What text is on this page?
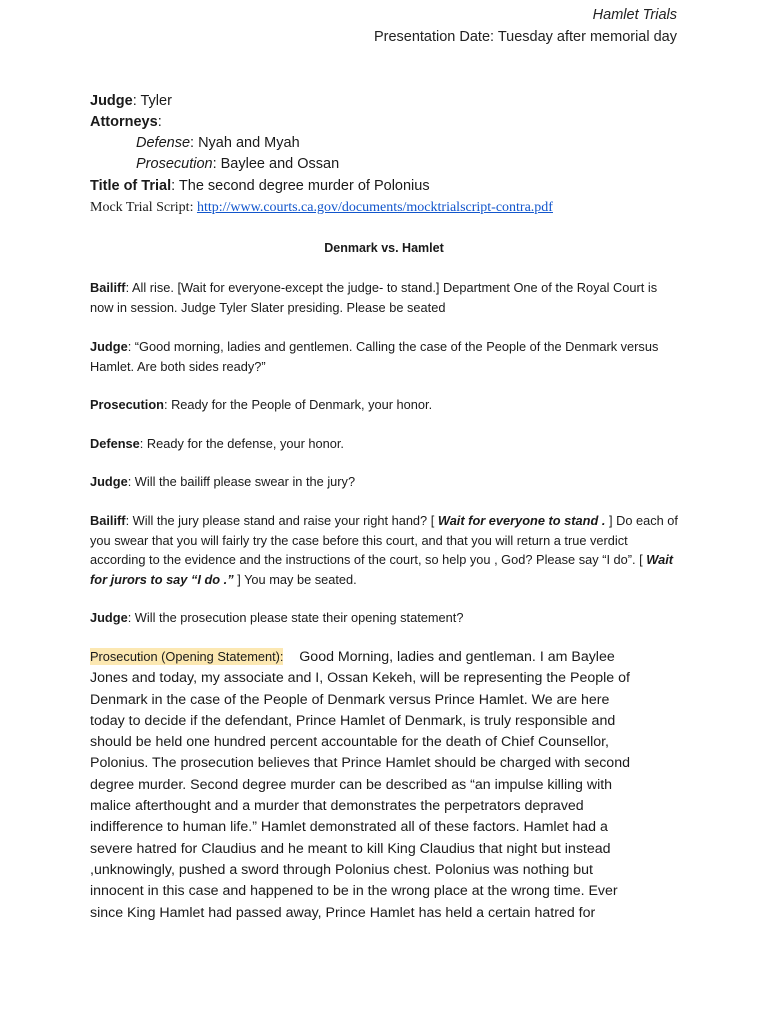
Hamlet Trials
Presentation Date: Tuesday after memorial day
Judge: Tyler
Attorneys:
Defense: Nyah and Myah
Prosecution: Baylee and Ossan
Title of Trial: The second degree murder of Polonius
Mock Trial Script: http://www.courts.ca.gov/documents/mocktrialscript-contra.pdf
Denmark vs. Hamlet
Bailiff: All rise. [Wait for everyone-except the judge- to stand.] Department One of the Royal Court is now in session. Judge Tyler Slater presiding. Please be seated
Judge: “Good morning, ladies and gentlemen. Calling the case of the People of the Denmark versus Hamlet. Are both sides ready?”
Prosecution: Ready for the People of Denmark, your honor.
Defense: Ready for the defense, your honor.
Judge: Will the bailiff please swear in the jury?
Bailiff: Will the jury please stand and raise your right hand? [ Wait for everyone to stand . ] Do each of you swear that you will fairly try the case before this court, and that you will return a true verdict according to the evidence and the instructions of the court, so help you , God? Please say “I do”. [ Wait for jurors to say “I do .” ] You may be seated.
Judge: Will the prosecution please state their opening statement?
Prosecution (Opening Statement): Good Morning, ladies and gentleman. I am Baylee
Jones and today, my associate and I, Ossan Kekeh, will be representing the People of
Denmark in the case of the People of Denmark versus Prince Hamlet. We are here
today to decide if the defendant, Prince Hamlet of Denmark, is truly responsible and
should be held one hundred percent accountable for the death of Chief Counsellor,
Polonius. The prosecution believes that Prince Hamlet should be charged with second
degree murder. Second degree murder can be described as “an impulse killing with
malice afterthought and a murder that demonstrates the perpetrators depraved
indifference to human life.” Hamlet demonstrated all of these factors. Hamlet had a
severe hatred for Claudius and he meant to kill King Claudius that night but instead
,unknowingly, pushed a sword through Polonius chest. Polonius was nothing but
innocent in this case and happened to be in the wrong place at the wrong time. Ever
since King Hamlet had passed away, Prince Hamlet has held a certain hatred for
